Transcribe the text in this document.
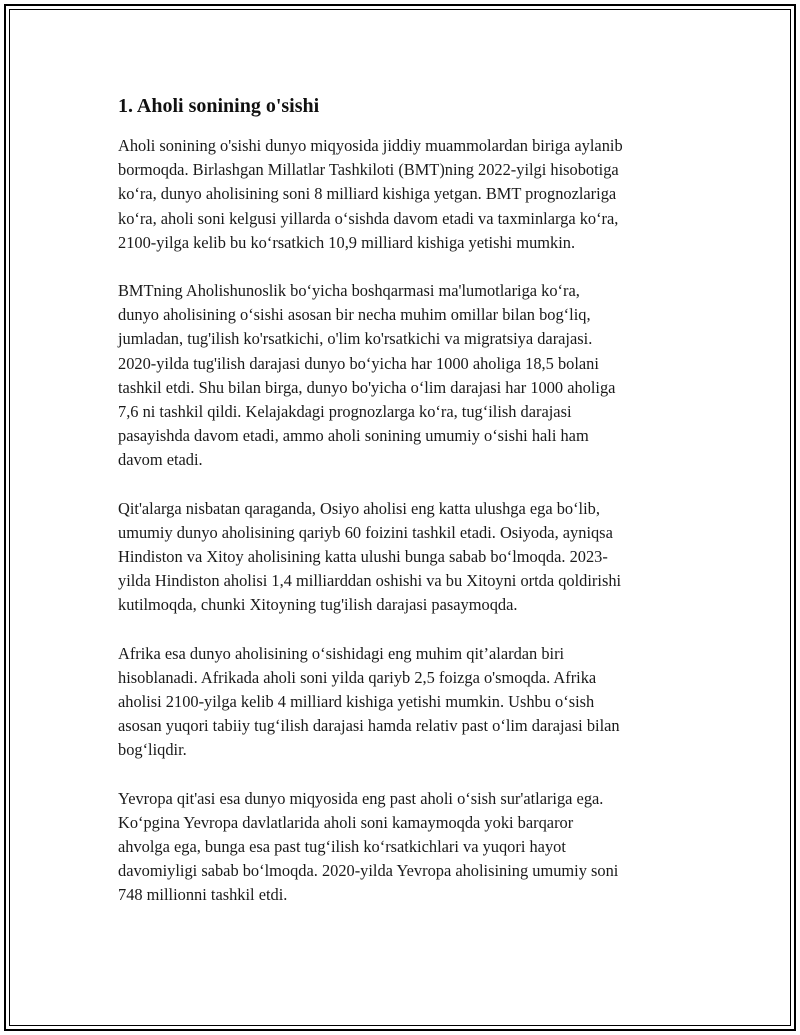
1. Aholi sonining o'sishi

Aholi sonining o'sishi dunyo miqyosida jiddiy muammolardan biriga aylanib
bormoqda. Birlashgan Millatlar Tashkiloti (BMT)ning 2022-yilgi hisobotiga
ko‘ra, dunyo aholisining soni 8 milliard kishiga yetgan. BMT prognozlariga
ko‘ra, aholi soni kelgusi yillarda o‘sishda davom etadi va taxminlarga ko‘ra,
2100-yilga kelib bu ko‘rsatkich 10,9 milliard kishiga yetishi mumkin.

BMTning Aholishunoslik bo‘yicha boshqarmasi ma'lumotlariga ko‘ra,
dunyo aholisining o‘sishi asosan bir necha muhim omillar bilan bog‘liq,
jumladan, tug'ilish ko'rsatkichi, o'lim ko'rsatkichi va migratsiya darajasi.
2020-yilda tug'ilish darajasi dunyo bo‘yicha har 1000 aholiga 18,5 bolani
tashkil etdi. Shu bilan birga, dunyo bo'yicha o‘lim darajasi har 1000 aholiga
7,6 ni tashkil qildi. Kelajakdagi prognozlarga ko‘ra, tug‘ilish darajasi
pasayishda davom etadi, ammo aholi sonining umumiy o‘sishi hali ham
davom etadi.

Qit'alarga nisbatan qaraganda, Osiyo aholisi eng katta ulushga ega bo‘lib,
umumiy dunyo aholisining qariyb 60 foizini tashkil etadi. Osiyoda, ayniqsa
Hindiston va Xitoy aholisining katta ulushi bunga sabab bo‘lmoqda. 2023-
yilda Hindiston aholisi 1,4 milliarddan oshishi va bu Xitoyni ortda qoldirishi
kutilmoqda, chunki Xitoyning tug'ilish darajasi pasaymoqda.

Afrika esa dunyo aholisining o‘sishidagi eng muhim qit’alardan biri
hisoblanadi. Afrikada aholi soni yilda qariyb 2,5 foizga o'smoqda. Afrika
aholisi 2100-yilga kelib 4 milliard kishiga yetishi mumkin. Ushbu o‘sish
asosan yuqori tabiiy tug‘ilish darajasi hamda relativ past o‘lim darajasi bilan
bog‘liqdir.

Yevropa qit'asi esa dunyo miqyosida eng past aholi o‘sish sur'atlariga ega.
Ko‘pgina Yevropa davlatlarida aholi soni kamaymoqda yoki barqaror
ahvolga ega, bunga esa past tug‘ilish ko‘rsatkichlari va yuqori hayot
davomiyligi sabab bo‘lmoqda. 2020-yilda Yevropa aholisining umumiy soni
748 millionni tashkil etdi.
